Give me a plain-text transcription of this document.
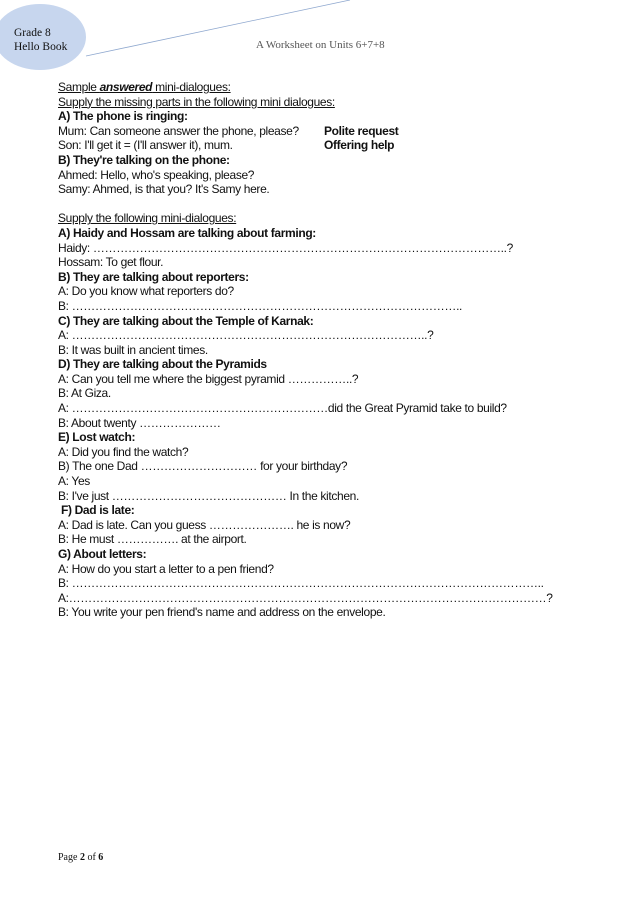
Grade 8
Hello Book	A Worksheet on Units 6+7+8
Sample answered mini-dialogues:
Supply the missing parts in the following mini dialogues:
A) The phone is ringing:
Mum: Can someone answer the phone, please? Polite request
Son: I'll get it = (I'll answer it), mum.	Offering help
B) They're talking on the phone:
Ahmed: Hello, who's speaking, please?
Samy: Ahmed, is that you? It's Samy here.
Supply the following mini-dialogues:
A) Haidy and Hossam are talking about farming:
Haidy: ……………………………………………………………………………………………..?
Hossam: To get flour.
B) They are talking about reporters:
A: Do you know what reporters do?
B: ………………………………………………………………………………………..
C) They are talking about the Temple of Karnak:
A: ………………………………………………………………………………..?
B: It was built in ancient times.
D) They are talking about the Pyramids
A: Can you tell me where the biggest pyramid ……………..?
B: At Giza.
A: …………………………………………………………did the Great Pyramid take to build?
B: About twenty …………………
E) Lost watch:
A: Did you find the watch?
B) The one Dad ………………………… for your birthday?
A: Yes
B: I've just ……………………………………… In the kitchen.
F) Dad is late:
A: Dad is late. Can you guess …………………. he is now?
B: He must ……………. at the airport.
G) About letters:
A: How do you start a letter to a pen friend?
B: …………………………………………………………………………………………………………..
A:……………………………………………………………………………………………………………?
B: You write your pen friend's name and address on the envelope.
Page 2 of 6
